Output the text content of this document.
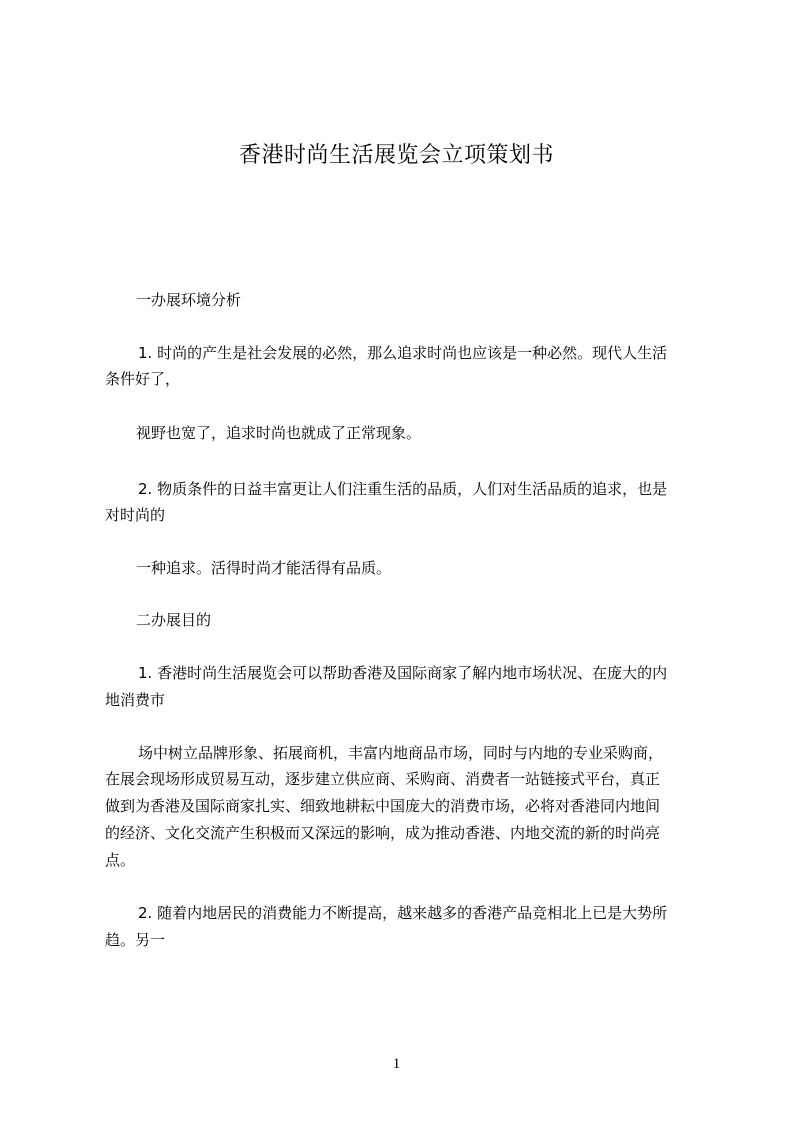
香港时尚生活展览会立项策划书
一办展环境分析
1. 时尚的产生是社会发展的必然，那么追求时尚也应该是一种必然。现代人生活
条件好了，
视野也宽了，追求时尚也就成了正常现象。
2. 物质条件的日益丰富更让人们注重生活的品质，人们对生活品质的追求，也是
对时尚的
一种追求。活得时尚才能活得有品质。
二办展目的
1. 香港时尚生活展览会可以帮助香港及国际商家了解内地市场状况、在庞大的内
地消费市
场中树立品牌形象、拓展商机，丰富内地商品市场，同时与内地的专业采购商，
在展会现场形成贸易互动，逐步建立供应商、采购商、消费者一站链接式平台，真正
做到为香港及国际商家扎实、细致地耕耘中国庞大的消费市场，必将对香港同内地间
的经济、文化交流产生积极而又深远的影响，成为推动香港、内地交流的新的时尚亮
点。
2. 随着内地居民的消费能力不断提高，越来越多的香港产品竞相北上已是大势所
趋。另一
1
